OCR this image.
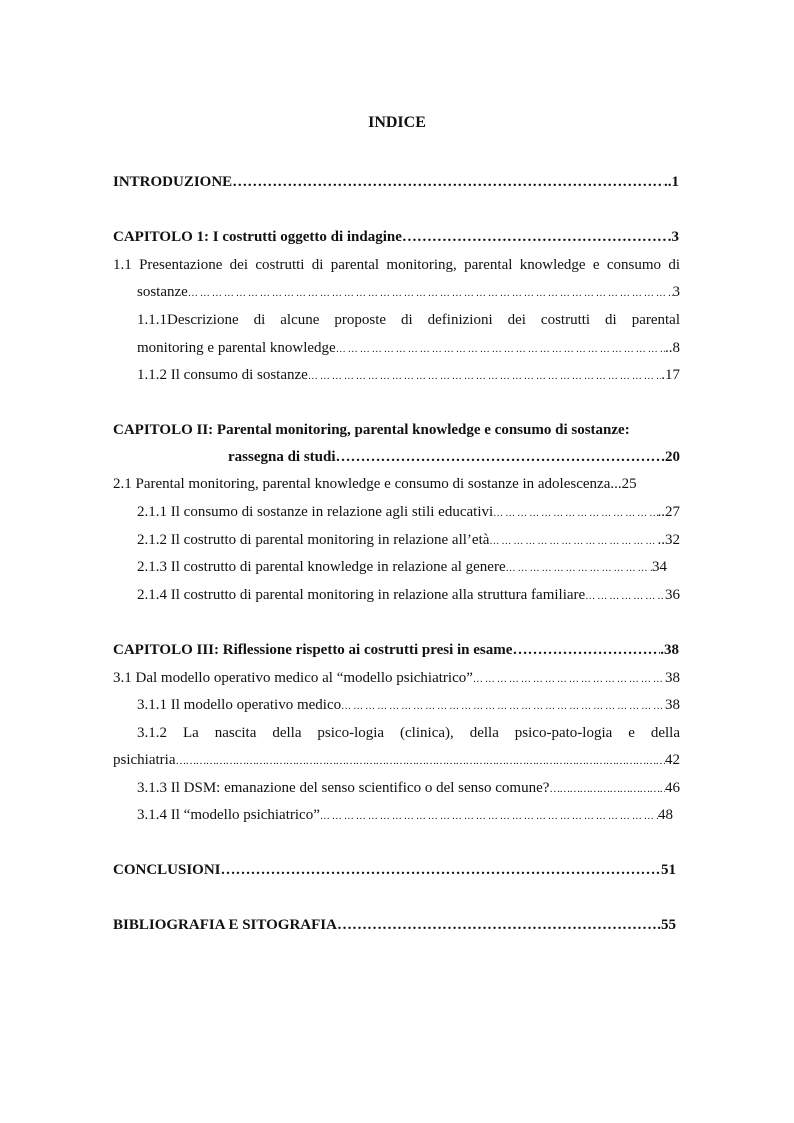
INDICE
INTRODUZIONE ……………………………………………………………………………………………………………………………………………………	..1
CAPITOLO 1: I costrutti oggetto di indagine ……………………………………………………………………………………………………………………………………………………	.3
1.1 Presentazione dei costrutti di parental monitoring, parental knowledge e consumo di
sostanze …………………………………………………………………………………………………………………………………………………………………	3
1.1.1Descrizione di alcune proposte di definizioni dei costrutti di parental
monitoring e parental knowledge …………………………………………………………………………………………………………………………………………………………………	..8
1.1.2 Il consumo di sostanze …………………………………………………………………………………………………………………………………………………………………	.17
CAPITOLO II: Parental monitoring, parental knowledge e consumo di sostanze:
rassegna di studi ……………………………………………………………………………………………………………………………………………………	20
2.1 Parental monitoring, parental knowledge e consumo di sostanze in adolescenza...25
2.1.1 Il consumo di sostanze in relazione agli stili educativi …………………………………………………………………………………………………………………………………………………………………	..27
2.1.2 Il costrutto di parental monitoring in relazione all’età …………………………………………………………………………………………………………………………………………………………………	..32
2.1.3 Il costrutto di parental knowledge in relazione al genere …………………………………………………………………………………………………………………………………………………………………	34
2.1.4 Il costrutto di parental monitoring in relazione alla struttura familiare …………………………………………………………………………………………………………………………………………………………………	36
CAPITOLO III: Riflessione rispetto ai costrutti presi in esame ……………………………………………………………………………………………………………………………………………………	.38
3.1 Dal modello operativo medico al “modello psichiatrico” …………………………………………………………………………………………………………………………………………………………………	38
3.1.1 Il modello operativo medico …………………………………………………………………………………………………………………………………………………………………	38
3.1.2 La nascita della psico-logia (clinica), della psico-pato-logia e della
psichiatria ……………………………………………………………………………………………………………………………………………………	42
3.1.3 Il DSM: emanazione del senso scientifico o del senso comune? ……………………………………………………………………………………………………………………………………………………	46
3.1.4 Il “modello psichiatrico” …………………………………………………………………………………………………………………………………………………………………	48
CONCLUSIONI ……………………………………………………………………………………………………………………………………………………	51
BIBLIOGRAFIA E SITOGRAFIA ……………………………………………………………………………………………………………………………………………………	.55
